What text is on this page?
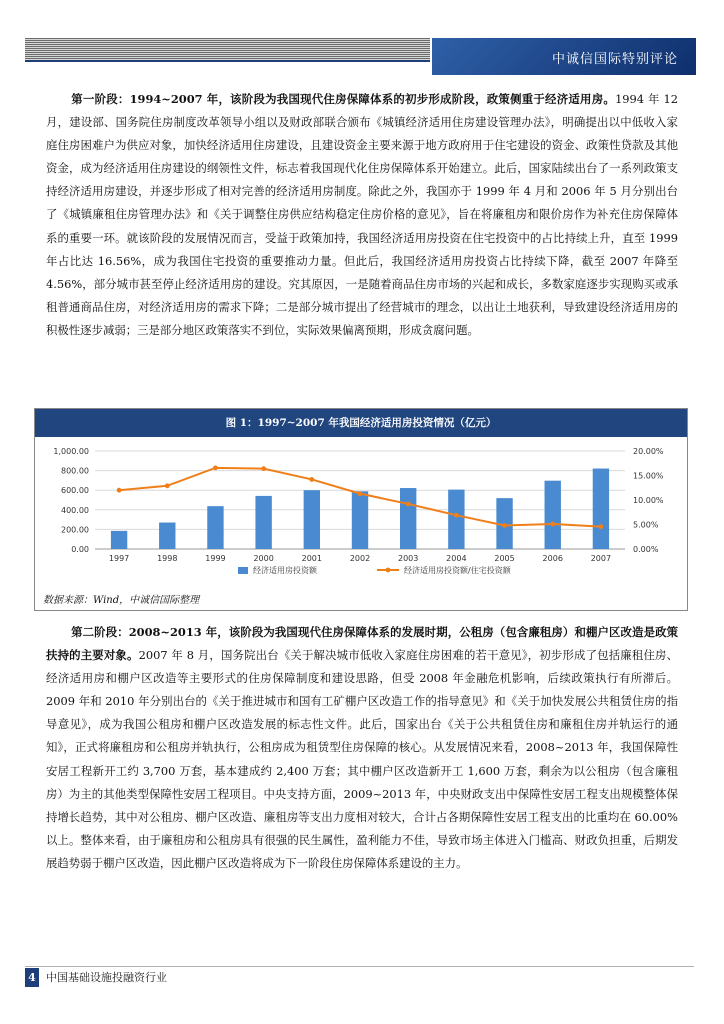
中诚信国际特别评论
第一阶段：1994~2007 年，该阶段为我国现代住房保障体系的初步形成阶段，政策侧重于经济适用房。1994 年 12 月，建设部、国务院住房制度改革领导小组以及财政部联合颁布《城镇经济适用住房建设管理办法》，明确提出以中低收入家庭住房困难户为供应对象，加快经济适用住房建设，且建设资金主要来源于地方政府用于住宅建设的资金、政策性贷款及其他资金，成为经济适用住房建设的纲领性文件，标志着我国现代化住房保障体系开始建立。此后，国家陆续出台了一系列政策支持经济适用房建设，并逐步形成了相对完善的经济适用房制度。除此之外，我国亦于 1999 年 4 月和 2006 年 5 月分别出台了《城镇廉租住房管理办法》和《关于调整住房供应结构稳定住房价格的意见》，旨在将廉租房和限价房作为补充住房保障体系的重要一环。就该阶段的发展情况而言，受益于政策加持，我国经济适用房投资在住宅投资中的占比持续上升，直至 1999 年占比达 16.56%，成为我国住宅投资的重要推动力量。但此后，我国经济适用房投资占比持续下降，截至 2007 年降至 4.56%，部分城市甚至停止经济适用房的建设。究其原因，一是随着商品住房市场的兴起和成长，多数家庭逐步实现购买或承租普通商品住房，对经济适用房的需求下降；二是部分城市提出了经营城市的理念，以出让土地获利，导致建设经济适用房的积极性逐步减弱；三是部分地区政策落实不到位，实际效果偏离预期，形成贪腐问题。
图 1：1997~2007 年我国经济适用房投资情况（亿元）
0.00
200.00
400.00
600.00
800.00
1,000.00
0.00%
5.00%
10.00%
15.00%
20.00%
1997	1998	1999	2000	2001	2002	2003	2004	2005	2006	2007
经济适用房投资额	经济适用房投资额/住宅投资额
数据来源：Wind，中诚信国际整理
第二阶段：2008~2013 年，该阶段为我国现代住房保障体系的发展时期，公租房（包含廉租房）和棚户区改造是政策扶持的主要对象。2007 年 8 月，国务院出台《关于解决城市低收入家庭住房困难的若干意见》，初步形成了包括廉租住房、经济适用房和棚户区改造等主要形式的住房保障制度和建设思路，但受 2008 年金融危机影响，后续政策执行有所滞后。2009 年和 2010 年分别出台的《关于推进城市和国有工矿棚户区改造工作的指导意见》和《关于加快发展公共租赁住房的指导意见》，成为我国公租房和棚户区改造发展的标志性文件。此后，国家出台《关于公共租赁住房和廉租住房并轨运行的通知》，正式将廉租房和公租房并轨执行，公租房成为租赁型住房保障的核心。从发展情况来看，2008~2013 年，我国保障性安居工程新开工约 3,700 万套，基本建成约 2,400 万套；其中棚户区改造新开工 1,600 万套，剩余为以公租房（包含廉租房）为主的其他类型保障性安居工程项目。中央支持方面，2009~2013 年，中央财政支出中保障性安居工程支出规模整体保持增长趋势，其中对公租房、棚户区改造、廉租房等支出力度相对较大，合计占各期保障性安居工程支出的比重均在 60.00%以上。整体来看，由于廉租房和公租房具有很强的民生属性，盈利能力不佳，导致市场主体进入门槛高、财政负担重，后期发展趋势弱于棚户区改造，因此棚户区改造将成为下一阶段住房保障体系建设的主力。
4 中国基础设施投融资行业
